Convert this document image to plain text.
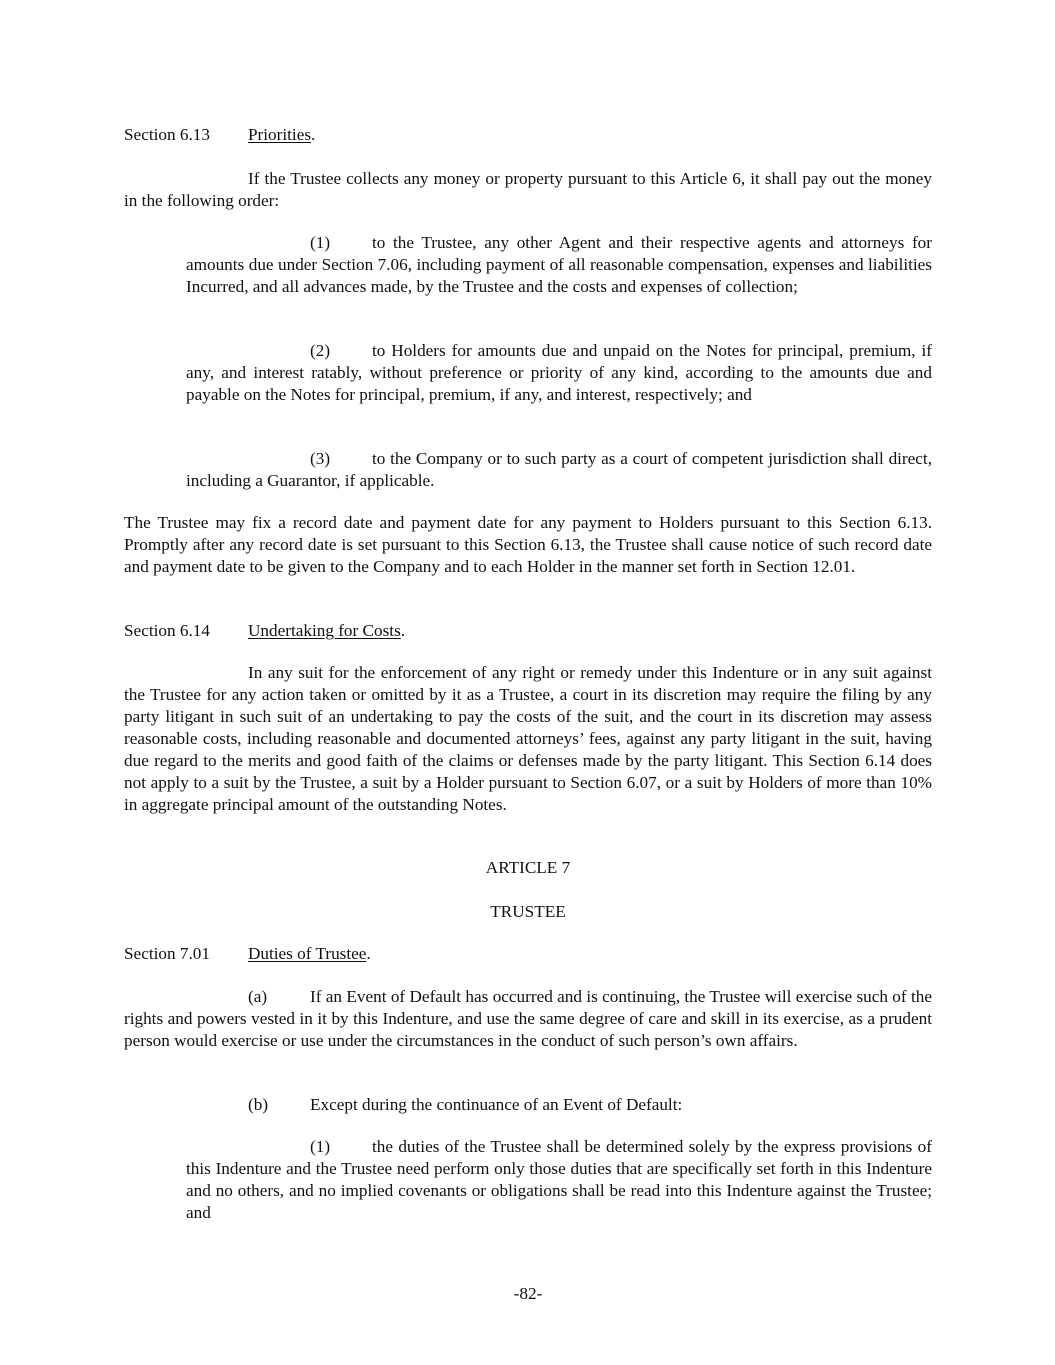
Section 6.13 Priorities.

If the Trustee collects any money or property pursuant to this Article 6, it shall pay out the money in the following order:

(1) to the Trustee, any other Agent and their respective agents and attorneys for amounts due under Section 7.06, including payment of all reasonable compensation, expenses and liabilities Incurred, and all advances made, by the Trustee and the costs and expenses of collection;

(2) to Holders for amounts due and unpaid on the Notes for principal, premium, if any, and interest ratably, without preference or priority of any kind, according to the amounts due and payable on the Notes for principal, premium, if any, and interest, respectively; and

(3) to the Company or to such party as a court of competent jurisdiction shall direct, including a Guarantor, if applicable.

The Trustee may fix a record date and payment date for any payment to Holders pursuant to this Section 6.13. Promptly after any record date is set pursuant to this Section 6.13, the Trustee shall cause notice of such record date and payment date to be given to the Company and to each Holder in the manner set forth in Section 12.01.

Section 6.14 Undertaking for Costs.

In any suit for the enforcement of any right or remedy under this Indenture or in any suit against the Trustee for any action taken or omitted by it as a Trustee, a court in its discretion may require the filing by any party litigant in such suit of an undertaking to pay the costs of the suit, and the court in its discretion may assess reasonable costs, including reasonable and documented attorneys’ fees, against any party litigant in the suit, having due regard to the merits and good faith of the claims or defenses made by the party litigant. This Section 6.14 does not apply to a suit by the Trustee, a suit by a Holder pursuant to Section 6.07, or a suit by Holders of more than 10% in aggregate principal amount of the outstanding Notes.

ARTICLE 7
TRUSTEE
Section 7.01 Duties of Trustee.

(a) If an Event of Default has occurred and is continuing, the Trustee will exercise such of the rights and powers vested in it by this Indenture, and use the same degree of care and skill in its exercise, as a prudent person would exercise or use under the circumstances in the conduct of such person’s own affairs.

(b) Except during the continuance of an Event of Default:

(1) the duties of the Trustee shall be determined solely by the express provisions of this Indenture and the Trustee need perform only those duties that are specifically set forth in this Indenture and no others, and no implied covenants or obligations shall be read into this Indenture against the Trustee; and

-82-
